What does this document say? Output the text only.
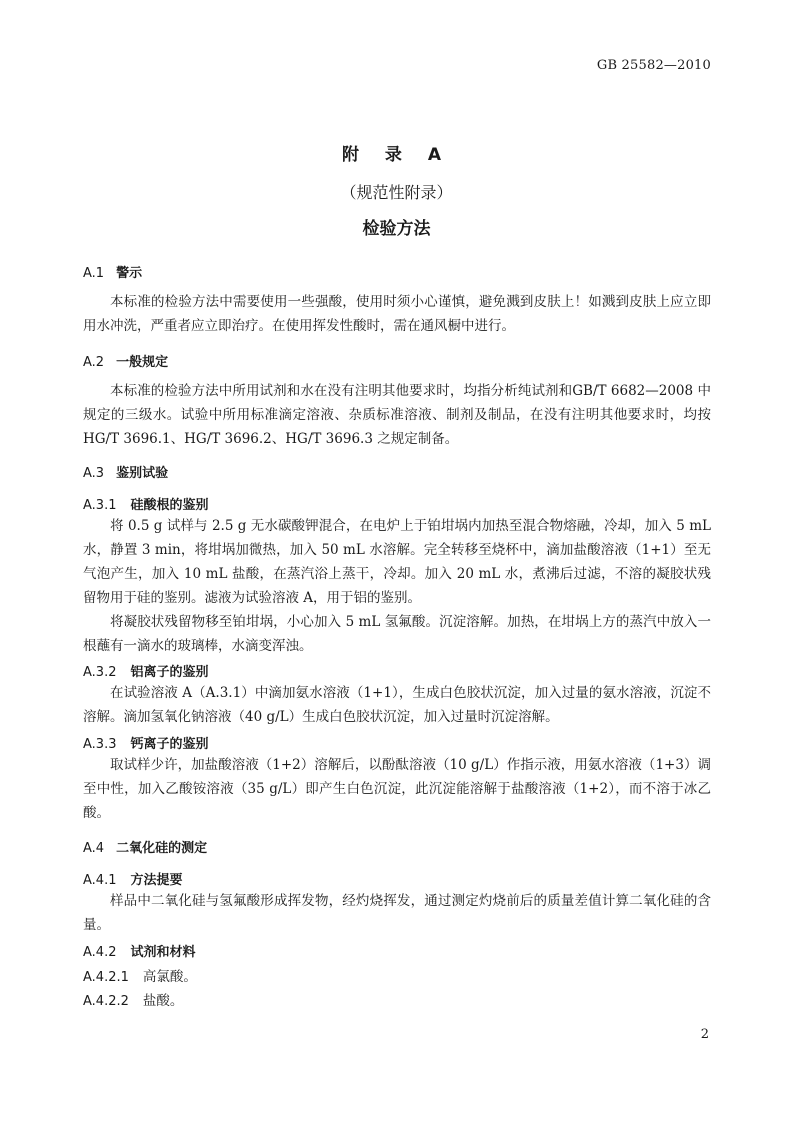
GB 25582—2010
附 录 A
（规范性附录）
检验方法
A.1 警示
本标准的检验方法中需要使用一些强酸，使用时须小心谨慎，避免溅到皮肤上！如溅到皮肤上应立即用水冲洗，严重者应立即治疗。在使用挥发性酸时，需在通风橱中进行。
A.2 一般规定
本标准的检验方法中所用试剂和水在没有注明其他要求时，均指分析纯试剂和GB/T 6682—2008 中规定的三级水。试验中所用标准滴定溶液、杂质标准溶液、制剂及制品，在没有注明其他要求时，均按HG/T 3696.1、HG/T 3696.2、HG/T 3696.3 之规定制备。
A.3 鉴别试验
A.3.1 硅酸根的鉴别
将 0.5 g 试样与 2.5 g 无水碳酸钾混合，在电炉上于铂坩埚内加热至混合物熔融，冷却，加入 5 mL 水，静置 3 min，将坩埚加微热，加入 50 mL 水溶解。完全转移至烧杯中，滴加盐酸溶液（1+1）至无气泡产生，加入 10 mL 盐酸，在蒸汽浴上蒸干，冷却。加入 20 mL 水，煮沸后过滤，不溶的凝胶状残留物用于硅的鉴别。滤液为试验溶液 A，用于铝的鉴别。
将凝胶状残留物移至铂坩埚，小心加入 5 mL 氢氟酸。沉淀溶解。加热，在坩埚上方的蒸汽中放入一根蘸有一滴水的玻璃棒，水滴变浑浊。
A.3.2 铝离子的鉴别
在试验溶液 A（A.3.1）中滴加氨水溶液（1+1），生成白色胶状沉淀，加入过量的氨水溶液，沉淀不溶解。滴加氢氧化钠溶液（40 g/L）生成白色胶状沉淀，加入过量时沉淀溶解。
A.3.3 钙离子的鉴别
取试样少许，加盐酸溶液（1+2）溶解后，以酚酞溶液（10 g/L）作指示液，用氨水溶液（1+3）调至中性，加入乙酸铵溶液（35 g/L）即产生白色沉淀，此沉淀能溶解于盐酸溶液（1+2），而不溶于冰乙酸。
A.4 二氧化硅的测定
A.4.1 方法提要
样品中二氧化硅与氢氟酸形成挥发物，经灼烧挥发，通过测定灼烧前后的质量差值计算二氧化硅的含量。
A.4.2 试剂和材料
A.4.2.1 高氯酸。
A.4.2.2 盐酸。
2
